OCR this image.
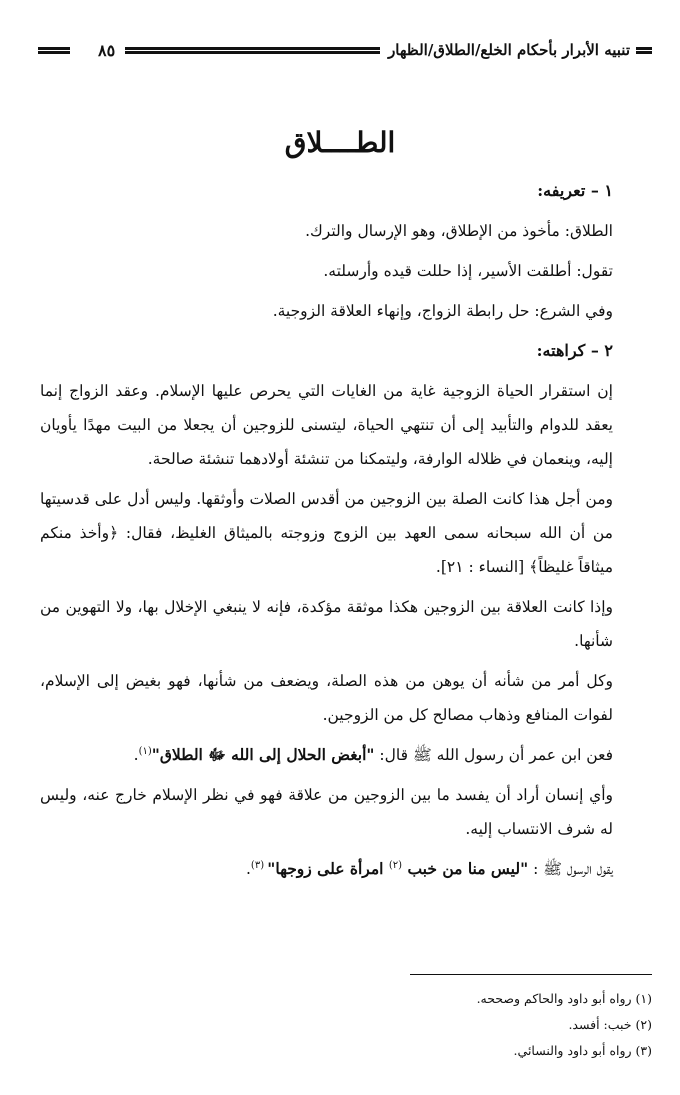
تنبيه الأبرار بأحكام الخلع/الطلاق/الظهار
٨٥
الطــــلاق

١ – تعريفه:

الطلاق: مأخوذ من الإطلاق، وهو الإرسال والترك.

تقول: أطلقت الأسير، إذا حللت قيده وأرسلته.

وفي الشرع: حل رابطة الزواج، وإنهاء العلاقة الزوجية.

٢ – كراهته:

إن استقرار الحياة الزوجية غاية من الغايات التي يحرص عليها الإسلام. وعقد الزواج إنما يعقد للدوام والتأبيد إلى أن تنتهي الحياة، ليتسنى للزوجين أن يجعلا من البيت مهدًا يأويان إليه، وينعمان في ظلاله الوارفة، وليتمكنا من تنشئة أولادهما تنشئة صالحة.

ومن أجل هذا كانت الصلة بين الزوجين من أقدس الصلات وأوثقها. وليس أدل على قدسيتها من أن الله سبحانه سمى العهد بين الزوج وزوجته بالميثاق الغليظ، فقال: ﴿وأخذ منكم ميثاقاً غليظاً﴾ [النساء : ٢١].

وإذا كانت العلاقة بين الزوجين هكذا موثقة مؤكدة، فإنه لا ينبغي الإخلال بها، ولا التهوين من شأنها.

وكل أمر من شأنه أن يوهن من هذه الصلة، ويضعف من شأنها، فهو بغيض إلى الإسلام، لفوات المنافع وذهاب مصالح كل من الزوجين.

فعن ابن عمر أن رسول الله ﷺ قال: "أبغض الحلال إلى الله ﷻ الطلاق"$^{(١)}$.

وأي إنسان أراد أن يفسد ما بين الزوجين من علاقة فهو في نظر الإسلام خارج عنه، وليس له شرف الانتساب إليه.

يقول الرسول ﷺ : "ليس منا من خبب $^{(٢)}$ امرأة على زوجها" $^{(٣)}$.

(١) رواه أبو داود والحاكم وصححه.
(٢) خبب: أفسد.
(٣) رواه أبو داود والنسائي.
